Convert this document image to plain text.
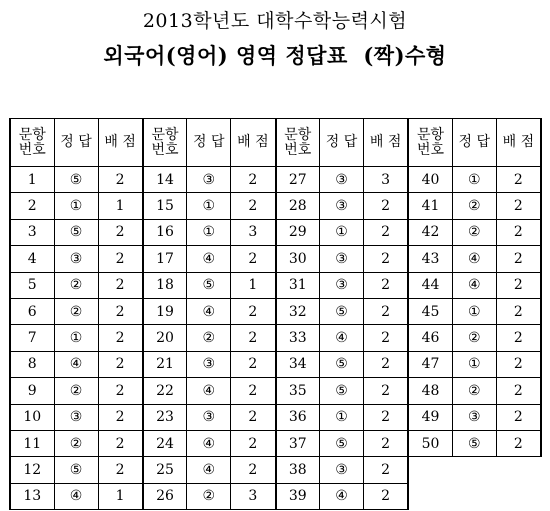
2013학년도 대학수학능력시험
외국어(영어) 영역 정답표  (짝)수형
문항
번호	정 답	배 점	문항
번호	정 답	배 점	문항
번호	정 답	배 점	문항
번호	정 답	배 점
1	⑤	2	14	③	2	27	③	3	40	①	2
2	①	1	15	①	2	28	③	2	41	②	2
3	⑤	2	16	①	3	29	①	2	42	②	2
4	③	2	17	④	2	30	③	2	43	④	2
5	②	2	18	⑤	1	31	③	2	44	④	2
6	②	2	19	④	2	32	⑤	2	45	①	2
7	①	2	20	②	2	33	④	2	46	②	2
8	④	2	21	③	2	34	⑤	2	47	①	2
9	②	2	22	④	2	35	⑤	2	48	②	2
10	③	2	23	③	2	36	①	2	49	③	2
11	②	2	24	④	2	37	⑤	2	50	⑤	2
12	⑤	2	25	④	2	38	③	2			
13	④	1	26	②	3	39	④	2			
